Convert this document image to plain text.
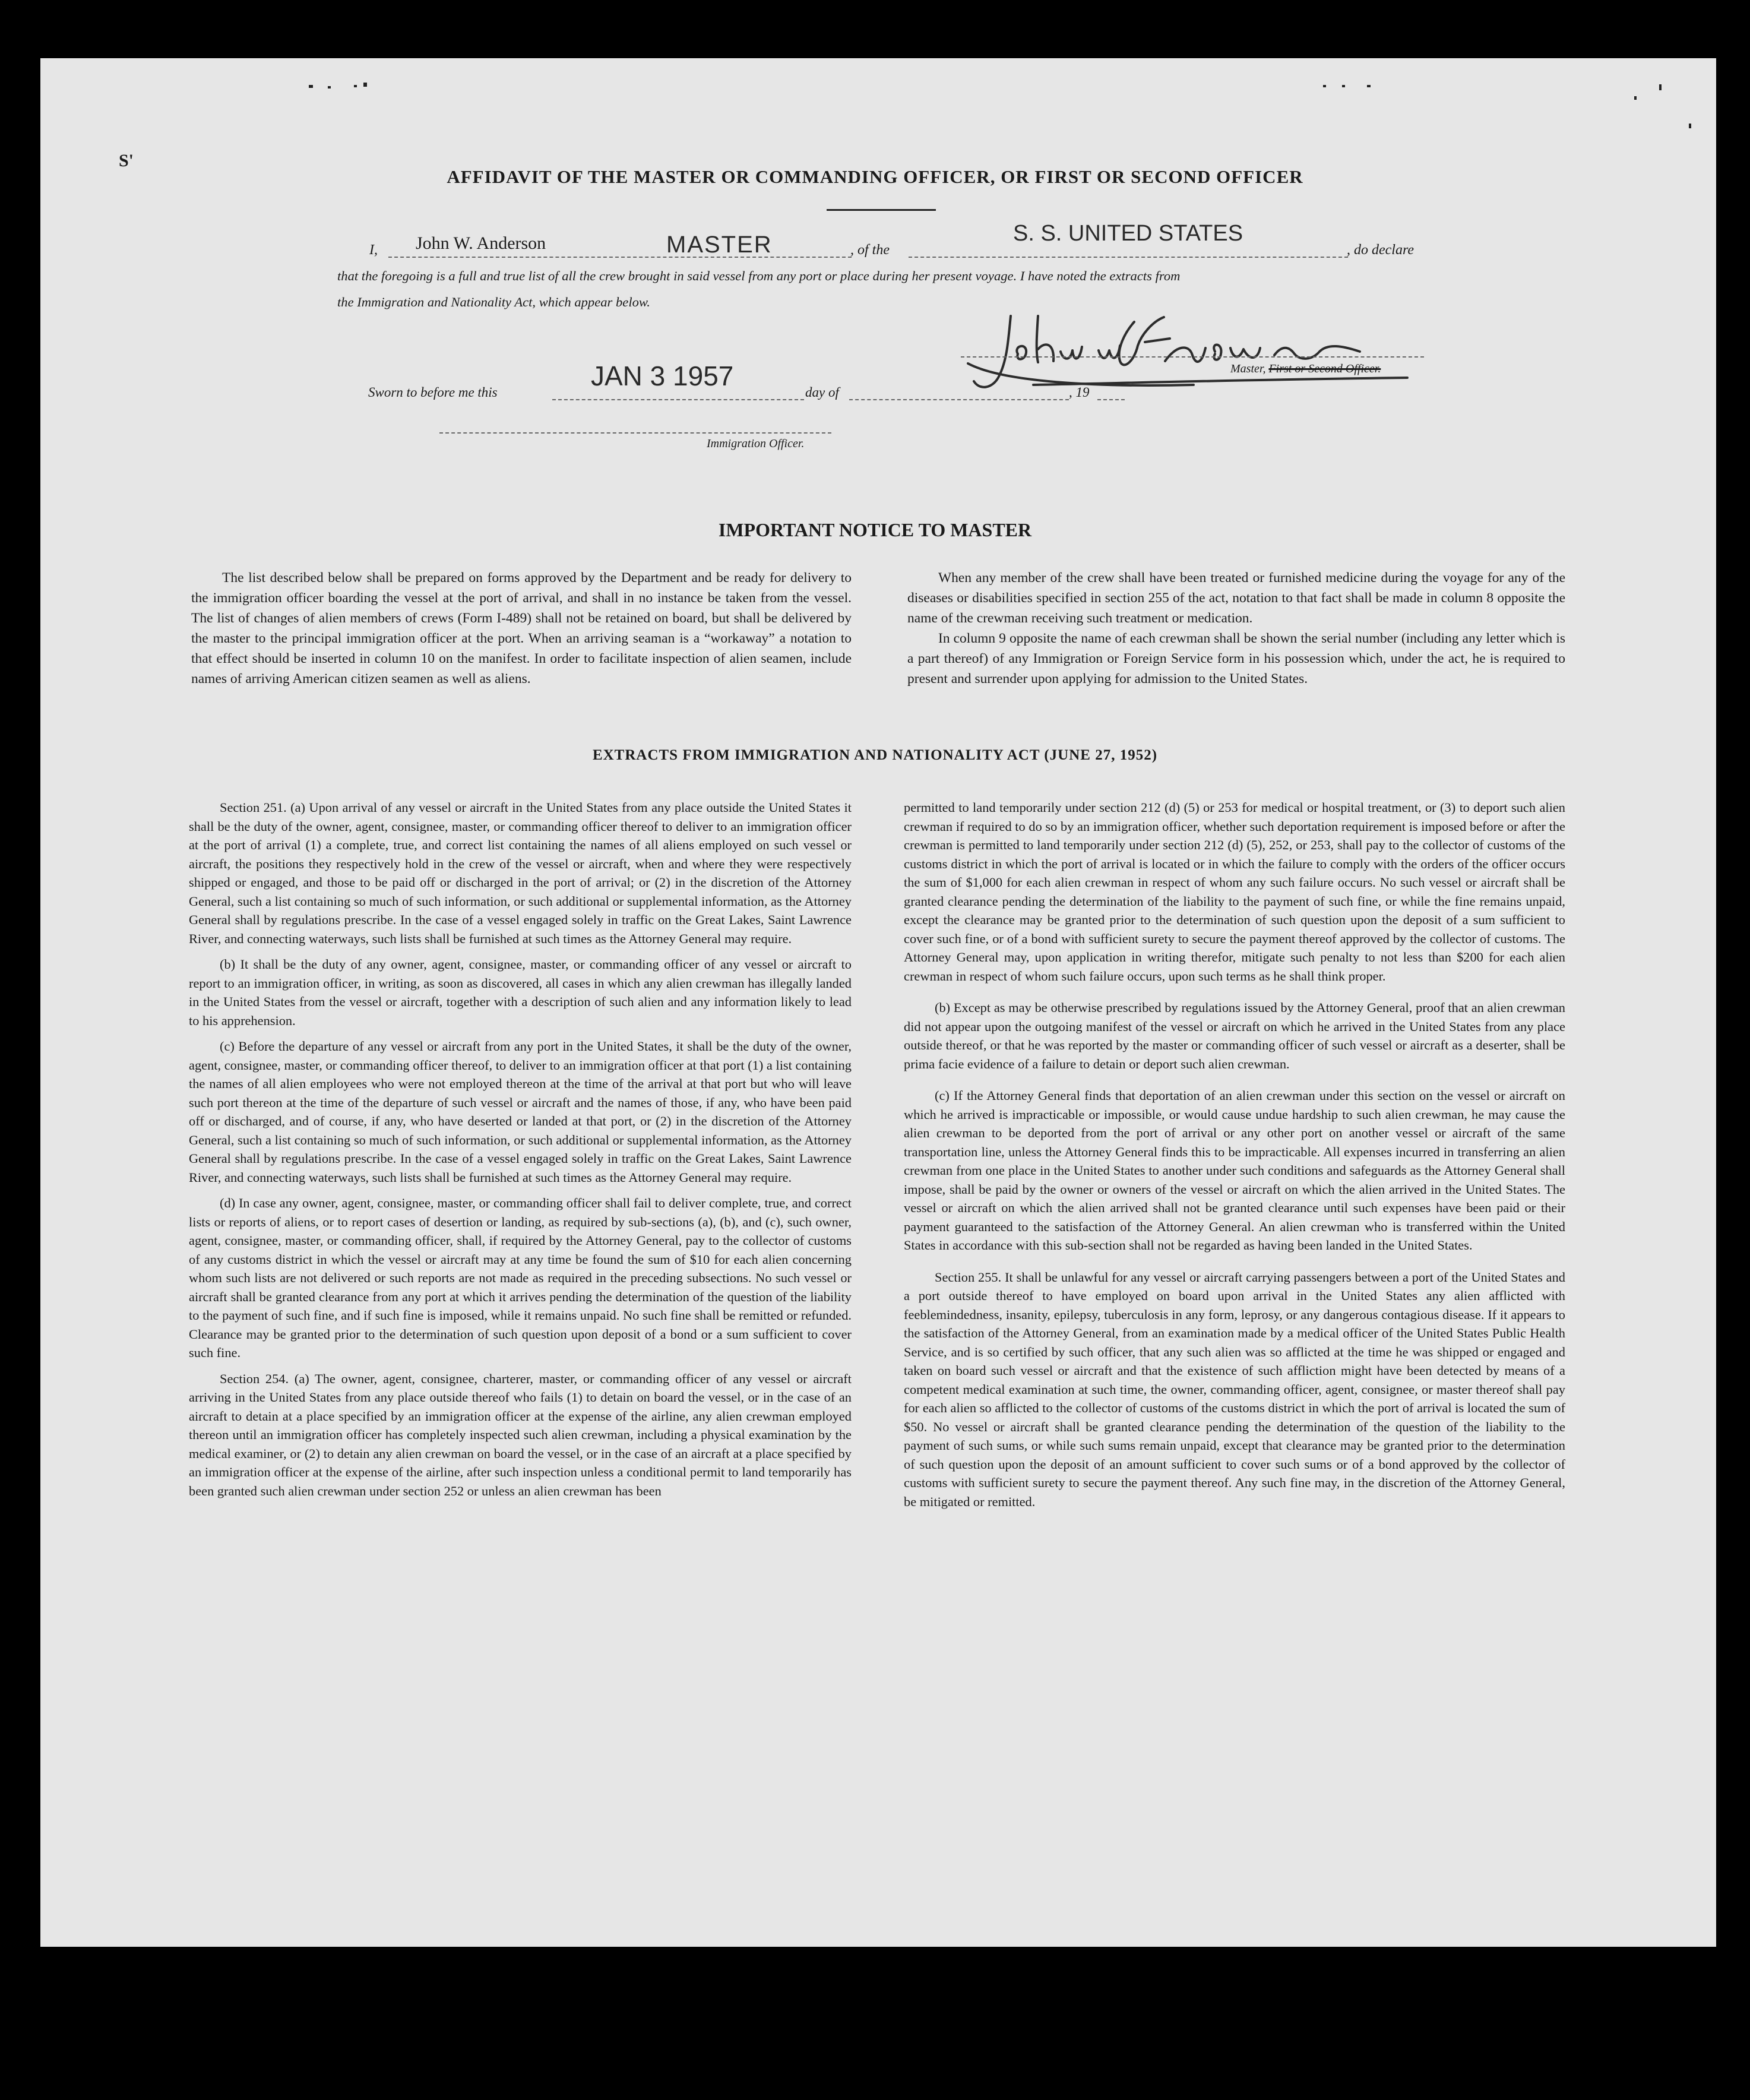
S'
AFFIDAVIT OF THE MASTER OR COMMANDING OFFICER, OR FIRST OR SECOND OFFICER
I, John W. Anderson	MASTER	, of the
S. S. UNITED STATES
, do declare
that the foregoing is a full and true list of all the crew brought in said vessel from any port or place during her present voyage. I have noted the extracts from
the Immigration and Nationality Act, which appear below.
Master, First or Second Officer.
Sworn to before me this
JAN 3 1957
day of	, 19
Immigration Officer.
IMPORTANT NOTICE TO MASTER

The list described below shall be prepared on forms approved by the Department and be ready for delivery to the immigration officer boarding the vessel at the port of arrival, and shall in no instance be taken from the vessel. The list of changes of alien members of crews (Form I-489) shall not be retained on board, but shall be delivered by the master to the principal immigration officer at the port. When an arriving seaman is a “workaway” a notation to that effect should be inserted in column 10 on the manifest. In order to facilitate inspection of alien seamen, include names of arriving American citizen seamen as well as aliens.

When any member of the crew shall have been treated or furnished medicine during the voyage for any of the diseases or disabilities specified in section 255 of the act, notation to that fact shall be made in column 8 opposite the name of the crewman receiving such treatment or medication.

In column 9 opposite the name of each crewman shall be shown the serial number (including any letter which is a part thereof) of any Immigration or Foreign Service form in his possession which, under the act, he is required to present and surrender upon applying for admission to the United States.

EXTRACTS FROM IMMIGRATION AND NATIONALITY ACT (JUNE 27, 1952)

Section 251. (a) Upon arrival of any vessel or aircraft in the United States from any place outside the United States it shall be the duty of the owner, agent, consignee, master, or commanding officer thereof to deliver to an immigration officer at the port of arrival (1) a complete, true, and correct list containing the names of all aliens employed on such vessel or aircraft, the positions they respectively hold in the crew of the vessel or aircraft, when and where they were respectively shipped or engaged, and those to be paid off or discharged in the port of arrival; or (2) in the discretion of the Attorney General, such a list containing so much of such information, or such additional or supplemental information, as the Attorney General shall by regulations prescribe. In the case of a vessel engaged solely in traffic on the Great Lakes, Saint Lawrence River, and connecting waterways, such lists shall be furnished at such times as the Attorney General may require.

(b) It shall be the duty of any owner, agent, consignee, master, or commanding officer of any vessel or aircraft to report to an immigration officer, in writing, as soon as discovered, all cases in which any alien crewman has illegally landed in the United States from the vessel or aircraft, together with a description of such alien and any information likely to lead to his apprehension.

(c) Before the departure of any vessel or aircraft from any port in the United States, it shall be the duty of the owner, agent, consignee, master, or commanding officer thereof, to deliver to an immigration officer at that port (1) a list containing the names of all alien employees who were not employed thereon at the time of the arrival at that port but who will leave such port thereon at the time of the departure of such vessel or aircraft and the names of those, if any, who have been paid off or discharged, and of course, if any, who have deserted or landed at that port, or (2) in the discretion of the Attorney General, such a list containing so much of such information, or such additional or supplemental information, as the Attorney General shall by regulations prescribe. In the case of a vessel engaged solely in traffic on the Great Lakes, Saint Lawrence River, and connecting waterways, such lists shall be furnished at such times as the Attorney General may require.

(d) In case any owner, agent, consignee, master, or commanding officer shall fail to deliver complete, true, and correct lists or reports of aliens, or to report cases of desertion or landing, as required by sub-sections (a), (b), and (c), such owner, agent, consignee, master, or commanding officer, shall, if required by the Attorney General, pay to the collector of customs of any customs district in which the vessel or aircraft may at any time be found the sum of $10 for each alien concerning whom such lists are not delivered or such reports are not made as required in the preceding subsections. No such vessel or aircraft shall be granted clearance from any port at which it arrives pending the determination of the question of the liability to the payment of such fine, and if such fine is imposed, while it remains unpaid. No such fine shall be remitted or refunded. Clearance may be granted prior to the determination of such question upon deposit of a bond or a sum sufficient to cover such fine.

Section 254. (a) The owner, agent, consignee, charterer, master, or commanding officer of any vessel or aircraft arriving in the United States from any place outside thereof who fails (1) to detain on board the vessel, or in the case of an aircraft to detain at a place specified by an immigration officer at the expense of the airline, any alien crewman employed thereon until an immigration officer has completely inspected such alien crewman, including a physical examination by the medical examiner, or (2) to detain any alien crewman on board the vessel, or in the case of an aircraft at a place specified by an immigration officer at the expense of the airline, after such inspection unless a conditional permit to land temporarily has been granted such alien crewman under section 252 or unless an alien crewman has been

permitted to land temporarily under section 212 (d) (5) or 253 for medical or hospital treatment, or (3) to deport such alien crewman if required to do so by an immigration officer, whether such deportation requirement is imposed before or after the crewman is permitted to land temporarily under section 212 (d) (5), 252, or 253, shall pay to the collector of customs of the customs district in which the port of arrival is located or in which the failure to comply with the orders of the officer occurs the sum of $1,000 for each alien crewman in respect of whom any such failure occurs. No such vessel or aircraft shall be granted clearance pending the determination of the liability to the payment of such fine, or while the fine remains unpaid, except the clearance may be granted prior to the determination of such question upon the deposit of a sum sufficient to cover such fine, or of a bond with sufficient surety to secure the payment thereof approved by the collector of customs. The Attorney General may, upon application in writing therefor, mitigate such penalty to not less than $200 for each alien crewman in respect of whom such failure occurs, upon such terms as he shall think proper.

(b) Except as may be otherwise prescribed by regulations issued by the Attorney General, proof that an alien crewman did not appear upon the outgoing manifest of the vessel or aircraft on which he arrived in the United States from any place outside thereof, or that he was reported by the master or commanding officer of such vessel or aircraft as a deserter, shall be prima facie evidence of a failure to detain or deport such alien crewman.

(c) If the Attorney General finds that deportation of an alien crewman under this section on the vessel or aircraft on which he arrived is impracticable or impossible, or would cause undue hardship to such alien crewman, he may cause the alien crewman to be deported from the port of arrival or any other port on another vessel or aircraft of the same transportation line, unless the Attorney General finds this to be impracticable. All expenses incurred in transferring an alien crewman from one place in the United States to another under such conditions and safeguards as the Attorney General shall impose, shall be paid by the owner or owners of the vessel or aircraft on which the alien arrived in the United States. The vessel or aircraft on which the alien arrived shall not be granted clearance until such expenses have been paid or their payment guaranteed to the satisfaction of the Attorney General. An alien crewman who is transferred within the United States in accordance with this sub-section shall not be regarded as having been landed in the United States.

Section 255. It shall be unlawful for any vessel or aircraft carrying passengers between a port of the United States and a port outside thereof to have employed on board upon arrival in the United States any alien afflicted with feeblemindedness, insanity, epilepsy, tuberculosis in any form, leprosy, or any dangerous contagious disease. If it appears to the satisfaction of the Attorney General, from an examination made by a medical officer of the United States Public Health Service, and is so certified by such officer, that any such alien was so afflicted at the time he was shipped or engaged and taken on board such vessel or aircraft and that the existence of such affliction might have been detected by means of a competent medical examination at such time, the owner, commanding officer, agent, consignee, or master thereof shall pay for each alien so afflicted to the collector of customs of the customs district in which the port of arrival is located the sum of $50. No vessel or aircraft shall be granted clearance pending the determination of the question of the liability to the payment of such sums, or while such sums remain unpaid, except that clearance may be granted prior to the determination of such question upon the deposit of an amount sufficient to cover such sums or of a bond approved by the collector of customs with sufficient surety to secure the payment thereof. Any such fine may, in the discretion of the Attorney General, be mitigated or remitted.
